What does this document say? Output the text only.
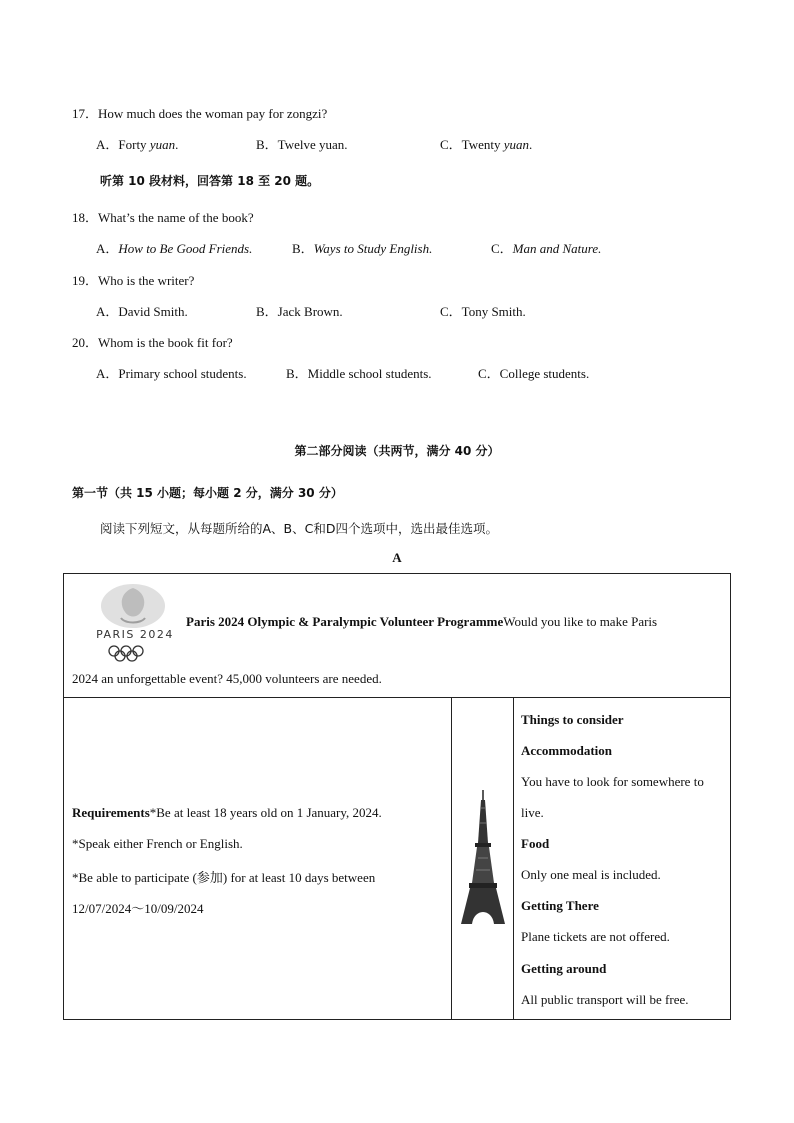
17．How much does the woman pay for zongzi?
A．Forty yuan.	B．Twelve yuan.	C．Twenty yuan.
听第 10 段材料，回答第 18 至 20 题。
18．What’s the name of the book?
A．How to Be Good Friends.	B．Ways to Study English.	C．Man and Nature.
19．Who is the writer?
A．David Smith.	B．Jack Brown.	C．Tony Smith.
20．Whom is the book fit for?
A．Primary school students.	B．Middle school students.	C．College students.
第二部分阅读（共两节，满分 40 分）
第一节（共 15 小题；每小题 2 分，满分 30 分）
阅读下列短文，从每题所给的A、B、C和D四个选项中，选出最佳选项。
A
PARIS 2024
Paris 2024 Olympic & Paralympic Volunteer ProgrammeWould you like to make Paris
2024 an unforgettable event? 45,000 volunteers are needed.

Requirements*Be at least 18 years old on 1 January, 2024.
*Speak either French or English.
*Be able to participate (参加) for at least 10 days between
12/07/2024～10/09/2024

Things to consider
Accommodation
You have to look for somewhere to
live.
Food
Only one meal is included.
Getting There
Plane tickets are not offered.
Getting around
All public transport will be free.
